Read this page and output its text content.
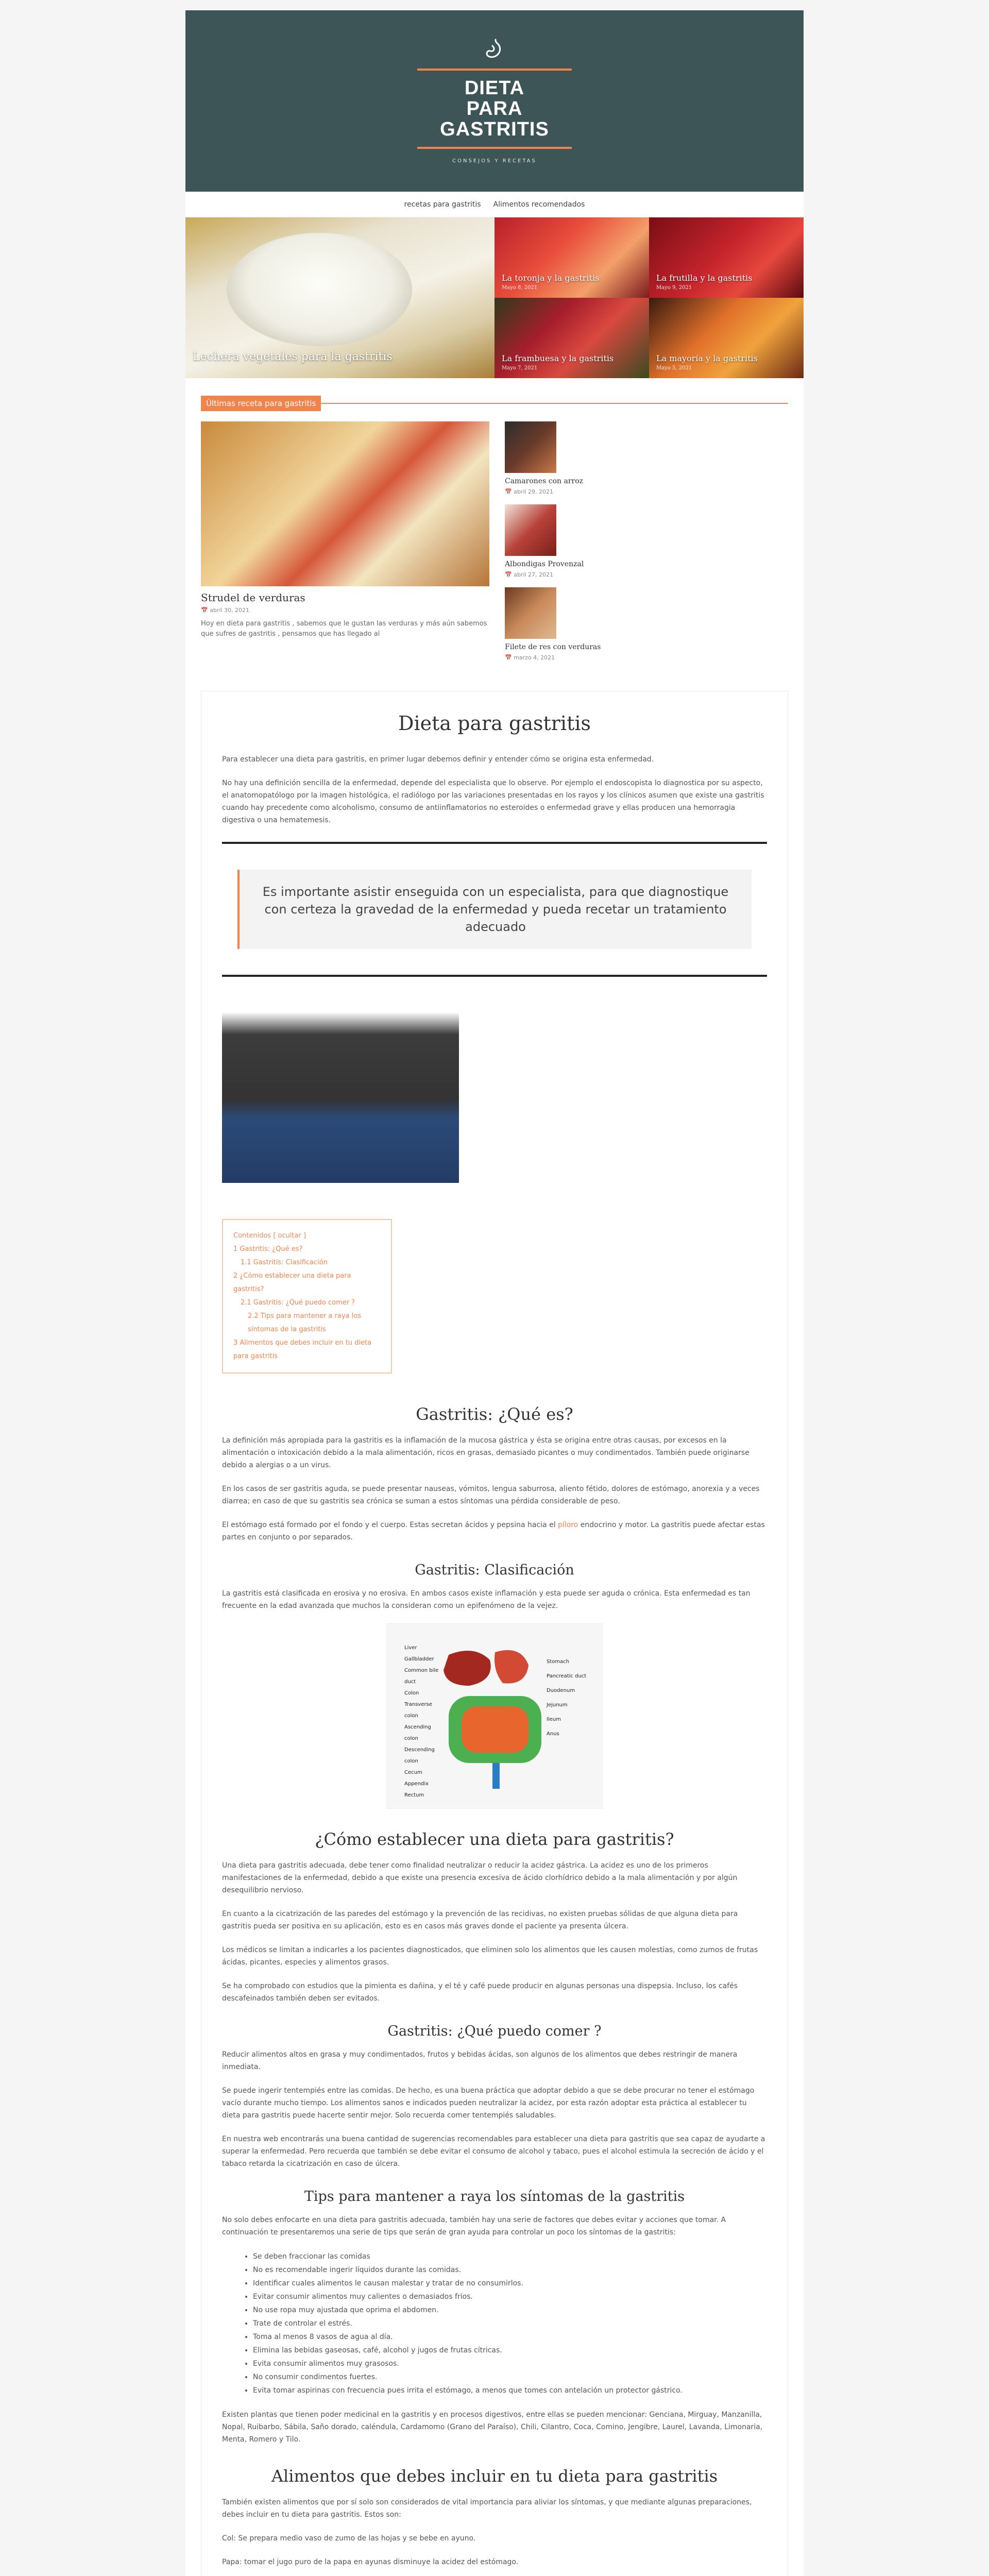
DIETA
PARA
GASTRITIS
CONSEJOS Y RECETAS
recetas para gastritis Alimentos recomendados
Lechera vegetales para la gastritis
Mayo 14, 2021
La toronja y la gastritis
Mayo 8, 2021
La frutilla y la gastritis
Mayo 9, 2021
La frambuesa y la gastritis
Mayo 7, 2021
La mayoría y la gastritis
Mayo 5, 2021
Últimas receta para gastritis
Strudel de verduras
📅 abril 30, 2021

Hoy en dieta para gastritis , sabemos que le gustan las verduras y más aún sabemos que sufres de gastritis , pensamos que has llegado al

Camarones con arroz
📅 abril 29, 2021
Albondigas Provenzal
📅 abril 27, 2021
Filete de res con verduras
📅 marzo 4, 2021
Dieta para gastritis

Para establecer una dieta para gastritis, en primer lugar debemos definir y entender cómo se origina esta enfermedad.

No hay una definición sencilla de la enfermedad, depende del especialista que lo observe. Por ejemplo el endoscopista lo diagnostica por su aspecto, el anatomopatólogo por la imagen histológica, el radiólogo por las variaciones presentadas en los rayos y los clínicos asumen que existe una gastritis cuando hay precedente como alcoholismo, consumo de antiinflamatorios no esteroides o enfermedad grave y ellas producen una hemorragia digestiva o una hematemesis.

Es importante asistir enseguida con un especialista, para que diagnostique con certeza la gravedad de la enfermedad y pueda recetar un tratamiento adecuado
Contenidos [ ocultar ]
1 Gastritis: ¿Qué es?
1.1 Gastritis: Clasificación
2 ¿Cómo establecer una dieta para gastritis?
2.1 Gastritis: ¿Qué puedo comer ?
2.2 Tips para mantener a raya los síntomas de la gastritis
3 Alimentos que debes incluir en tu dieta para gastritis
Gastritis: ¿Qué es?

La definición más apropiada para la gastritis es la inflamación de la mucosa gástrica y ésta se origina entre otras causas, por excesos en la alimentación o intoxicación debido a la mala alimentación, ricos en grasas, demasiado picantes o muy condimentados. También puede originarse debido a alergias o a un virus.

En los casos de ser gastritis aguda, se puede presentar nauseas, vómitos, lengua saburrosa, aliento fétido, dolores de estómago, anorexia y a veces diarrea; en caso de que su gastritis sea crónica se suman a estos síntomas una pérdida considerable de peso.

El estómago está formado por el fondo y el cuerpo. Estas secretan ácidos y pepsina hacia el píloro endocrino y motor. La gastritis puede afectar estas partes en conjunto o por separados.

Gastritis: Clasificación

La gastritis está clasificada en erosiva y no erosiva. En ambos casos existe inflamación y esta puede ser aguda o crónica. Esta enfermedad es tan frecuente en la edad avanzada que muchos la consideran como un epifenómeno de la vejez.

Liver
Gallbladder
Common bile duct
Colon
Transverse colon
Ascending colon
Descending colon
Cecum
Appendix
Rectum
Stomach
Pancreatic duct
Duodenum
Jejunum
Ileum
Anus
¿Cómo establecer una dieta para gastritis?

Una dieta para gastritis adecuada, debe tener como finalidad neutralizar o reducir la acidez gástrica. La acidez es uno de los primeros manifestaciones de la enfermedad, debido a que existe una presencia excesiva de ácido clorhídrico debido a la mala alimentación y por algún desequilibrio nervioso.

En cuanto a la cicatrización de las paredes del estómago y la prevención de las recidivas, no existen pruebas sólidas de que alguna dieta para gastritis pueda ser positiva en su aplicación, esto es en casos más graves donde el paciente ya presenta úlcera.

Los médicos se limitan a indicarles a los pacientes diagnosticados, que eliminen solo los alimentos que les causen molestias, como zumos de frutas ácidas, picantes, especies y alimentos grasos.

Se ha comprobado con estudios que la pimienta es dañina, y el té y café puede producir en algunas personas una dispepsia. Incluso, los cafés descafeinados también deben ser evitados.

Gastritis: ¿Qué puedo comer ?

Reducir alimentos altos en grasa y muy condimentados, frutos y bebidas ácidas, son algunos de los alimentos que debes restringir de manera inmediata.

Se puede ingerir tentempiés entre las comidas. De hecho, es una buena práctica que adoptar debido a que se debe procurar no tener el estómago vacío durante mucho tiempo. Los alimentos sanos e indicados pueden neutralizar la acidez, por esta razón adoptar esta práctica al establecer tu dieta para gastritis puede hacerte sentir mejor. Solo recuerda comer tentempiés saludables.

En nuestra web encontrarás una buena cantidad de sugerencias recomendables para establecer una dieta para gastritis que sea capaz de ayudarte a superar la enfermedad. Pero recuerda que también se debe evitar el consumo de alcohol y tabaco, pues el alcohol estimula la secreción de ácido y el tabaco retarda la cicatrización en caso de úlcera.

Tips para mantener a raya los síntomas de la gastritis

No solo debes enfocarte en una dieta para gastritis adecuada, también hay una serie de factores que debes evitar y acciones que tomar. A continuación te presentaremos una serie de tips que serán de gran ayuda para controlar un poco los síntomas de la gastritis:

• Se deben fraccionar las comidas
• No es recomendable ingerir líquidos durante las comidas.
• Identificar cuales alimentos le causan malestar y tratar de no consumirlos.
• Evitar consumir alimentos muy calientes o demasiados fríos.
• No use ropa muy ajustada que oprima el abdomen.
• Trate de controlar el estrés.
• Toma al menos 8 vasos de agua al día.
• Elimina las bebidas gaseosas, café, alcohol y jugos de frutas cítricas.
• Evita consumir alimentos muy grasosos.
• No consumir condimentos fuertes.
• Evita tomar aspirinas con frecuencia pues irrita el estómago, a menos que tomes con antelación un protector gástrico.

Existen plantas que tienen poder medicinal en la gastritis y en procesos digestivos, entre ellas se pueden mencionar: Genciana, Mirguay, Manzanilla, Nopal, Ruibarbo, Sábila, Saño dorado, caléndula, Cardamomo (Grano del Paraíso), Chili, Cilantro, Coca, Comino, Jengibre, Laurel, Lavanda, Limonaria, Menta, Romero y Tilo.

Alimentos que debes incluir en tu dieta para gastritis

También existen alimentos que por sí solo son considerados de vital importancia para aliviar los síntomas, y que mediante algunas preparaciones, debes incluir en tu dieta para gastritis. Estos son:

Col: Se prepara medio vaso de zumo de las hojas y se bebe en ayuno.

Papa: tomar el jugo puro de la papa en ayunas disminuye la acidez del estómago.
